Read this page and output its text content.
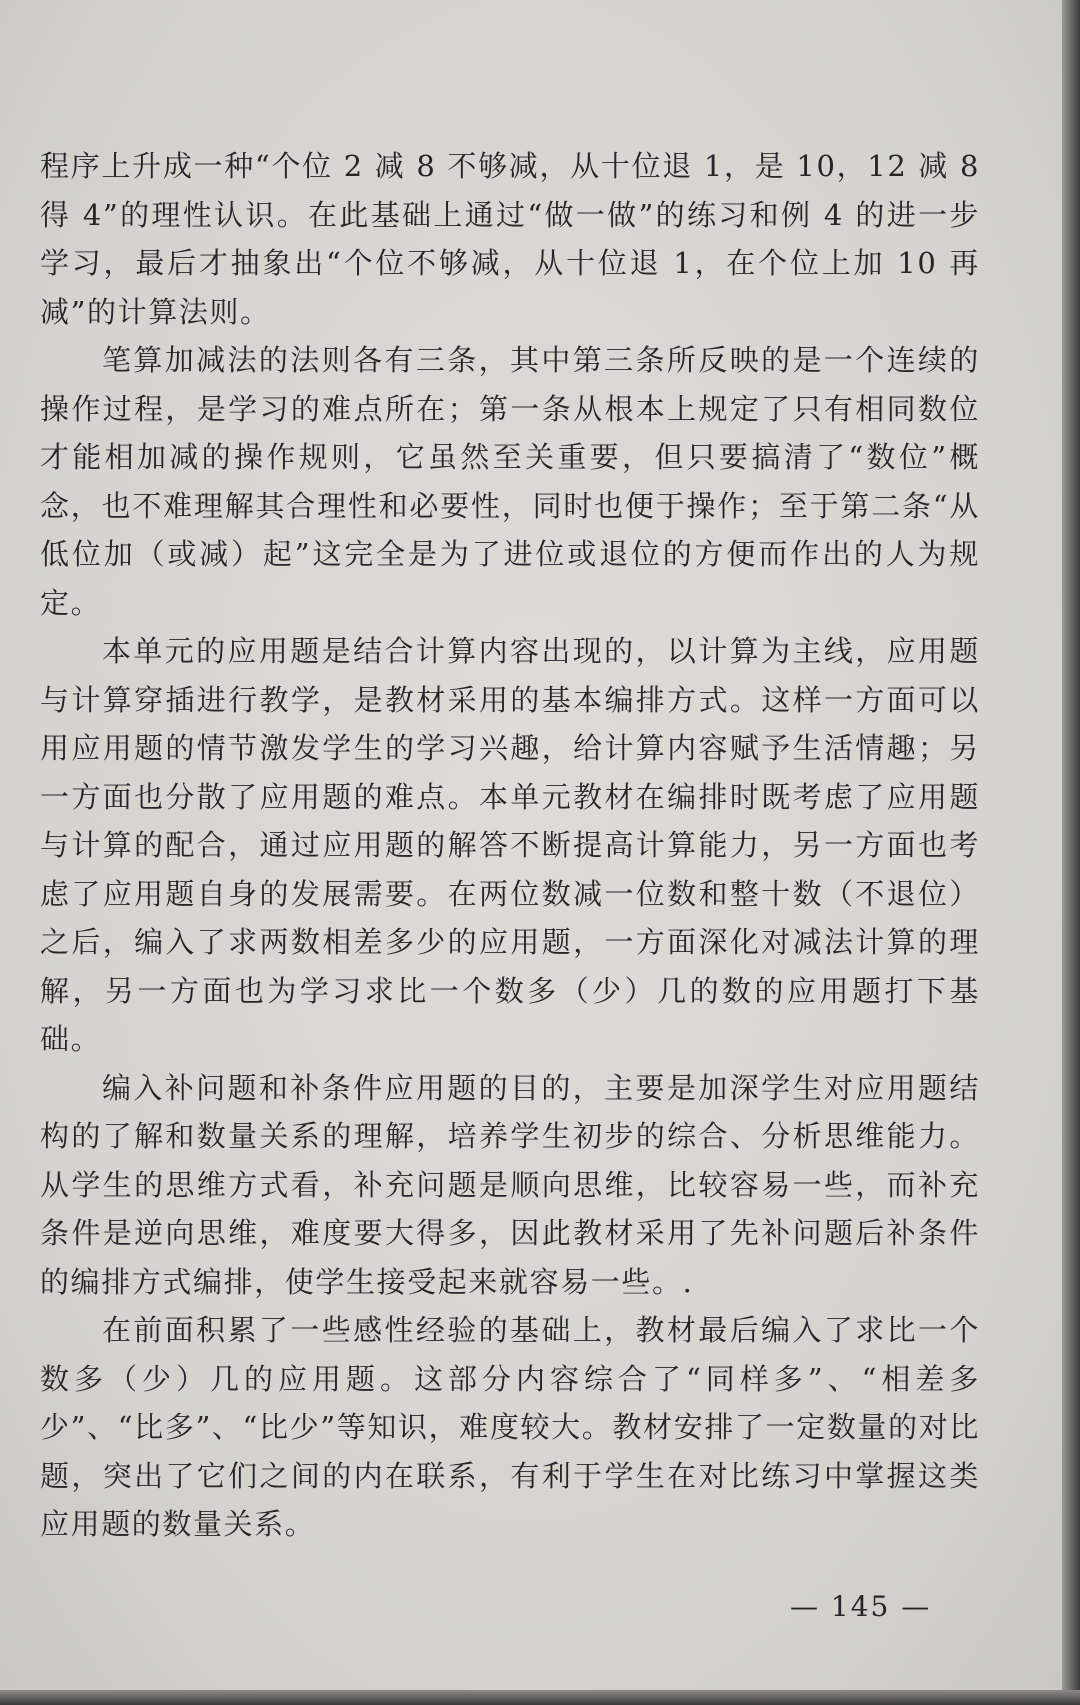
程序上升成一种“个位 2 减 8 不够减，从十位退 1，是 10，12 减 8 得 4”的理性认识。在此基础上通过“做一做”的练习和例 4 的进一步学习，最后才抽象出“个位不够减，从十位退 1，在个位上加 10 再减”的计算法则。

笔算加减法的法则各有三条，其中第三条所反映的是一个连续的操作过程，是学习的难点所在；第一条从根本上规定了只有相同数位才能相加减的操作规则，它虽然至关重要，但只要搞清了“数位”概念，也不难理解其合理性和必要性，同时也便于操作；至于第二条“从低位加（或减）起”这完全是为了进位或退位的方便而作出的人为规定。

本单元的应用题是结合计算内容出现的，以计算为主线，应用题与计算穿插进行教学，是教材采用的基本编排方式。这样一方面可以用应用题的情节激发学生的学习兴趣，给计算内容赋予生活情趣；另一方面也分散了应用题的难点。本单元教材在编排时既考虑了应用题与计算的配合，通过应用题的解答不断提高计算能力，另一方面也考虑了应用题自身的发展需要。在两位数减一位数和整十数（不退位）之后，编入了求两数相差多少的应用题，一方面深化对减法计算的理解，另一方面也为学习求比一个数多（少）几的数的应用题打下基础。

编入补问题和补条件应用题的目的，主要是加深学生对应用题结构的了解和数量关系的理解，培养学生初步的综合、分析思维能力。从学生的思维方式看，补充问题是顺向思维，比较容易一些，而补充条件是逆向思维，难度要大得多，因此教材采用了先补问题后补条件的编排方式编排，使学生接受起来就容易一些。.

在前面积累了一些感性经验的基础上，教材最后编入了求比一个数多（少）几的应用题。这部分内容综合了“同样多”、“相差多少”、“比多”、“比少”等知识，难度较大。教材安排了一定数量的对比题，突出了它们之间的内在联系，有利于学生在对比练习中掌握这类应用题的数量关系。

— 145 —
